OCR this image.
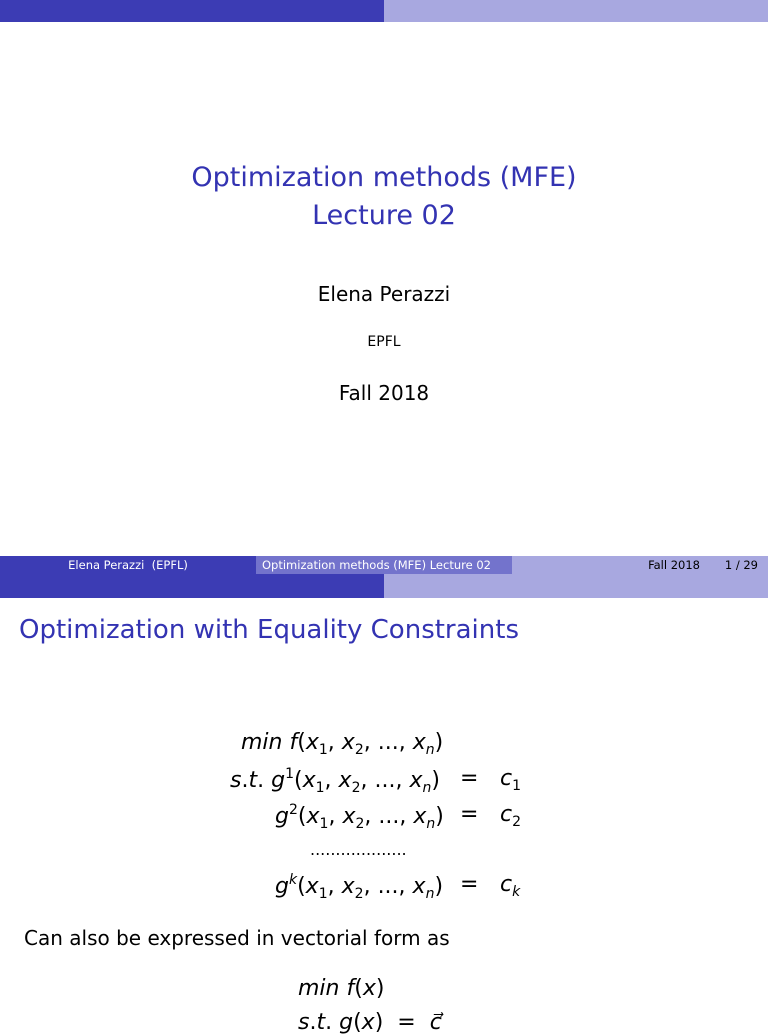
Optimization methods (MFE)
Lecture 02
Elena Perazzi
EPFL
Fall 2018
Elena Perazzi  (EPFL)	Optimization methods (MFE) Lecture 02	Fall 2018	1 / 29
Optimization with Equality Constraints
$\min f(x_1$, $x_2$, ..., $x_n$)
s.t. $g^1(x_1$, $x_2$, ..., $x_n) = c_1$
$g^2(x_1$, $x_2$, ..., $x_n) = c_2$
...................
$g^k(x_1$, $x_2$, ..., $x_n) = c_k$
Can also be expressed in vectorial form as
min f(x)
s.t. g(x)  =  c⃗
